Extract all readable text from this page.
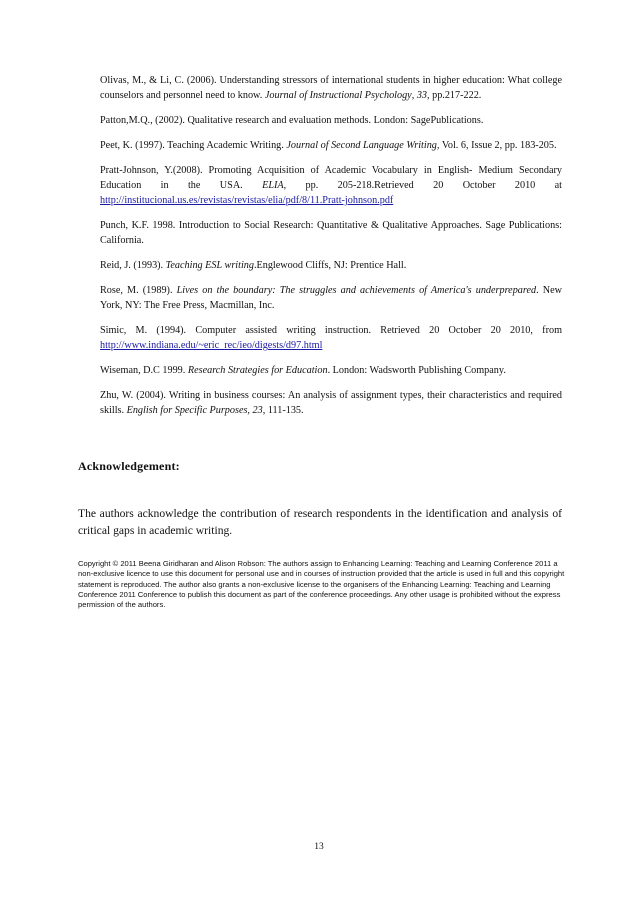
Olivas, M., & Li, C. (2006). Understanding stressors of international students in higher education: What college counselors and personnel need to know. Journal of Instructional Psychology, 33, pp.217-222.

Patton,M.Q., (2002). Qualitative research and evaluation methods. London: SagePublications.

Peet, K. (1997). Teaching Academic Writing. Journal of Second Language Writing, Vol. 6, Issue 2, pp. 183-205.

Pratt-Johnson, Y.(2008). Promoting Acquisition of Academic Vocabulary in English- Medium Secondary Education in the USA. ELIA, pp. 205-218.Retrieved 20 October 2010 at http://institucional.us.es/revistas/revistas/elia/pdf/8/11.Pratt-johnson.pdf

Punch, K.F. 1998. Introduction to Social Research: Quantitative & Qualitative Approaches. Sage Publications: California.

Reid, J. (1993). Teaching ESL writing.Englewood Cliffs, NJ: Prentice Hall.

Rose, M. (1989). Lives on the boundary: The struggles and achievements of America's underprepared. New York, NY: The Free Press, Macmillan, Inc.

Simic, M. (1994). Computer assisted writing instruction. Retrieved 20 October 20 2010, from http://www.indiana.edu/~eric_rec/ieo/digests/d97.html

Wiseman, D.C 1999. Research Strategies for Education. London: Wadsworth Publishing Company.

Zhu, W. (2004). Writing in business courses: An analysis of assignment types, their characteristics and required skills. English for Specific Purposes, 23, 111-135.

Acknowledgement:
The authors acknowledge the contribution of research respondents in the identification and analysis of critical gaps in academic writing.
Copyright © 2011 Beena Giridharan and Alison Robson: The authors assign to Enhancing Learning: Teaching and Learning Conference 2011 a non-exclusive licence to use this document for personal use and in courses of instruction provided that the article is used in full and this copyright statement is reproduced. The author also grants a non-exclusive license to the organisers of the Enhancing Learning: Teaching and Learning Conference 2011 Conference to publish this document as part of the conference proceedings. Any other usage is prohibited without the express permission of the authors.
13
